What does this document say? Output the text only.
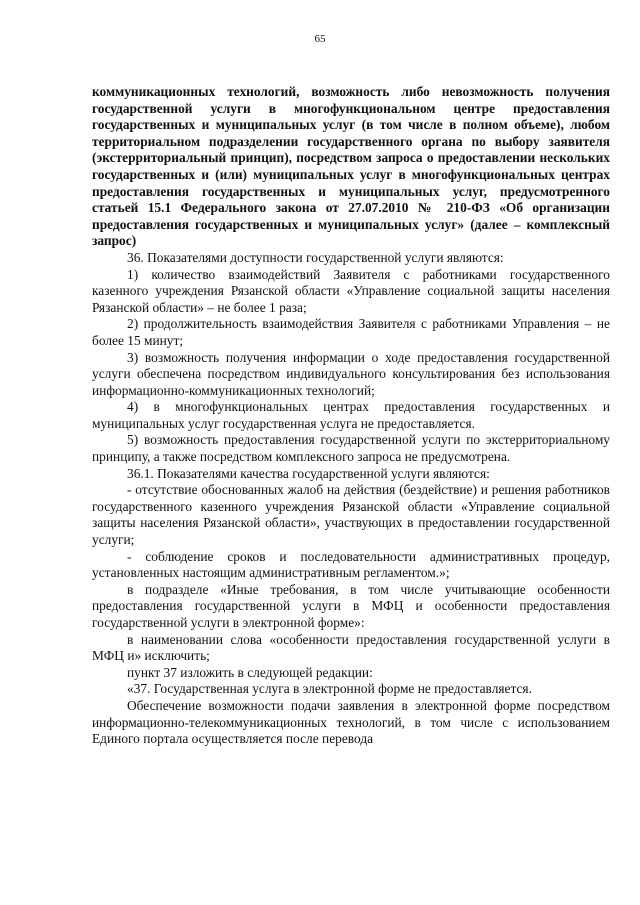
65

коммуникационных технологий, возможность либо невозможность получения государственной услуги в многофункциональном центре предоставления государственных и муниципальных услуг (в том числе в полном объеме), любом территориальном подразделении государственного органа по выбору заявителя (экстерриториальный принцип), посредством запроса о предоставлении нескольких государственных и (или) муниципальных услуг в многофункциональных центрах предоставления государственных и муниципальных услуг, предусмотренного статьей 15.1 Федерального закона от 27.07.2010 № 210-ФЗ «Об организации предоставления государственных и муниципальных услуг» (далее – комплексный запрос)

36. Показателями доступности государственной услуги являются:

1) количество взаимодействий Заявителя с работниками государственного казенного учреждения Рязанской области «Управление социальной защиты населения Рязанской области» – не более 1 раза;

2) продолжительность взаимодействия Заявителя с работниками Управления – не более 15 минут;

3) возможность получения информации о ходе предоставления государственной услуги обеспечена посредством индивидуального консультирования без использования информационно-коммуникационных технологий;

4) в многофункциональных центрах предоставления государственных и муниципальных услуг государственная услуга не предоставляется.

5) возможность предоставления государственной услуги по экстерриториальному принципу, а также посредством комплексного запроса не предусмотрена.

36.1. Показателями качества государственной услуги являются:

- отсутствие обоснованных жалоб на действия (бездействие) и решения работников государственного казенного учреждения Рязанской области «Управление социальной защиты населения Рязанской области», участвующих в предоставлении государственной услуги;

- соблюдение сроков и последовательности административных процедур, установленных настоящим административным регламентом.»;

в подразделе «Иные требования, в том числе учитывающие особенности предоставления государственной услуги в МФЦ и особенности предоставления государственной услуги в электронной форме»:

в наименовании слова «особенности предоставления государственной услуги в МФЦ и» исключить;

пункт 37 изложить в следующей редакции:

«37. Государственная услуга в электронной форме не предоставляется.

Обеспечение возможности подачи заявления в электронной форме посредством информационно-телекоммуникационных технологий, в том числе с использованием Единого портала осуществляется после перевода
